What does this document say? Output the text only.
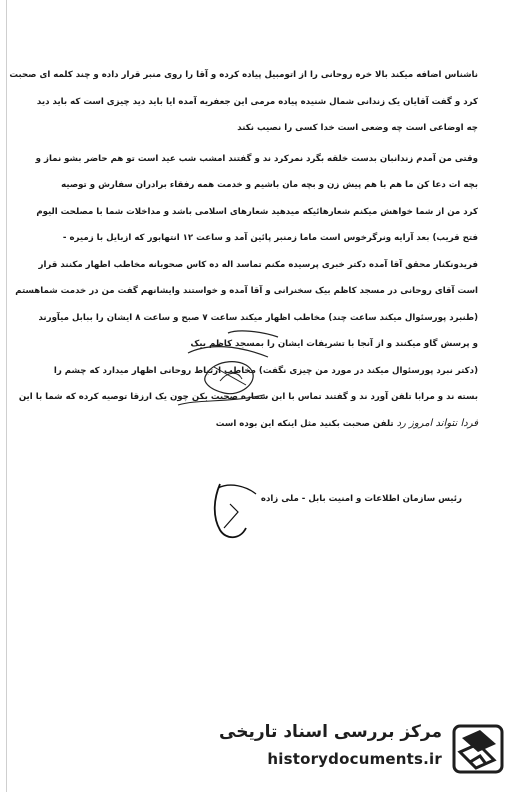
ناشناس اضافه میکند بالا خره روحانی را از اتومبیل پیاده کرده و آقا را روی منبر قرار داده و چند کلمه ای صحبت
کرد و گفت آقایان یک زندانی شمال شنیده پیاده مرمی این جعفریه آمده ایا باید دید چیزی است که باید دید
چه اوضاعی است چه وضعی است خدا کسی را نصیب نکند
وقتی من آمدم زندانبان بدست خلقه بگرد نمرکرد ند و گفتند امشب شب عید است تو هم حاضر بشو نماز و
بچه ات دعا کن ما هم با هم پیش زن و بچه مان باشیم و خدمت همه رفقاء برادران سفارش و توصیه
کرد من از شما خواهش میکنم شعارهائیکه میدهید شعارهای اسلامی باشد و مداخلات شما با مصلحت الیوم
فتح قریب) بعد آرایه ونرگرخوس است ماما زمنبر پائین آمد و ساعت ۱۲ انتهابور که ازبایل با زمیره -
فریدونکنار محقق آقا آمده دکتر خبری پرسیده مکنم تماسد اله ده کاس صحوبانه مخاطب اطهار مکنند قرار
است آقای روحانی در مسجد کاظم بیک سخنرانی و آقا آمده و خواستند وایشانهم گفت من در خدمت شماهستم
(طنبرد پورسئوال میکند ساعت چند) مخاطب اظهار میکند ساعت ۷ صبح و ساعت ۸ ایشان را ببابل میآورند
و پرسش گاو میکنند و از آنجا با تشریفات ایشان را بمسجد کاظم بیک
(دکتر نبرد پورسئوال میکند در مورد من چیزی نگفت) مخاطب ارتباط روحانی اظهار میدارد که چشم را
بسته ند و مرابا تلفن آورد ند و گفتند تماس با ابن شماره صحبت بکن چون یک ارزقا توصیه کرده که شما با این
فردا نتواند امروز رد تلفن صحبت بکنید مثل اینکه این بوده است
رئیس سازمان اطلاعات و امنیت بابل - ملی زاده
مرکز بررسی اسناد تاریخی
historydocuments.ir
